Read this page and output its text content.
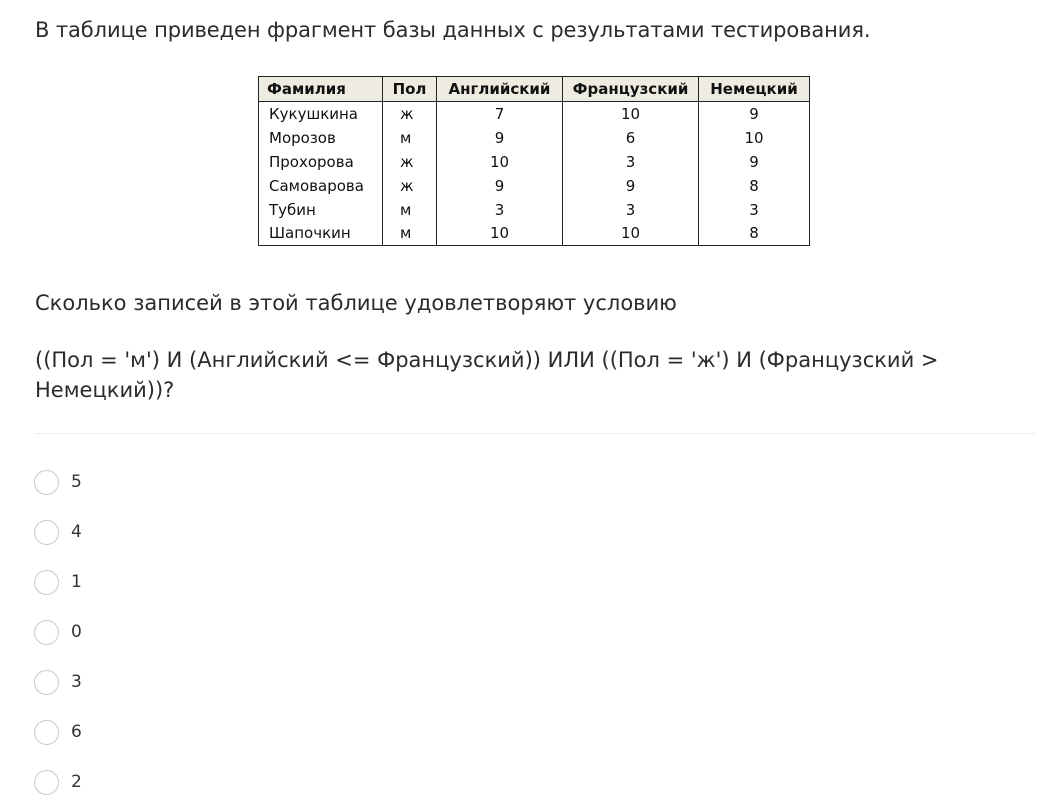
В таблице приведен фрагмент базы данных с результатами тестирования.
Фамилия	Пол	Английский	Французский	Немецкий
Кукушкина	ж	7	10	9
Морозов	м	9	6	10
Прохорова	ж	10	3	9
Самоварова	ж	9	9	8
Тубин	м	3	3	3
Шапочкин	м	10	10	8
Сколько записей в этой таблице удовлетворяют условию
((Пол = 'м') И (Английский <= Французский)) ИЛИ ((Пол = 'ж') И (Французский > Немецкий))?
5
4
1
0
3
6
2
